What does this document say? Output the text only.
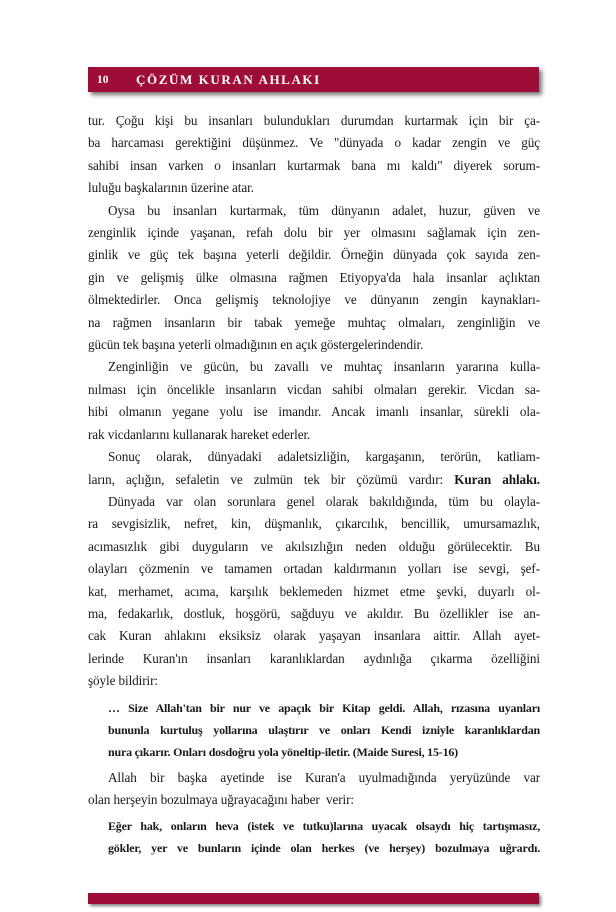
10	ÇÖZÜM KURAN AHLAKI
tur. Çoğu kişi bu insanları bulundukları durumdan kurtarmak için bir ça-
ba harcaması gerektiğini düşünmez. Ve "dünyada o kadar zengin ve güç
sahibi insan varken o insanları kurtarmak bana mı kaldı" diyerek sorum-
luluğu başkalarının üzerine atar.
Oysa bu insanları kurtarmak, tüm dünyanın adalet, huzur, güven ve
zenginlik içinde yaşanan, refah dolu bir yer olmasını sağlamak için zen-
ginlik ve güç tek başına yeterli değildir. Örneğin dünyada çok sayıda zen-
gin ve gelişmiş ülke olmasına rağmen Etiyopya'da hala insanlar açlıktan
ölmektedirler. Onca gelişmiş teknolojiye ve dünyanın zengin kaynakları-
na rağmen insanların bir tabak yemeğe muhtaç olmaları, zenginliğin ve
gücün tek başına yeterli olmadığının en açık göstergelerindendir.
Zenginliğin ve gücün, bu zavallı ve muhtaç insanların yararına kulla-
nılması için öncelikle insanların vicdan sahibi olmaları gerekir. Vicdan sa-
hibi olmanın yegane yolu ise imandır. Ancak imanlı insanlar, sürekli ola-
rak vicdanlarını kullanarak hareket ederler.
Sonuç olarak, dünyadaki adaletsizliğin, kargaşanın, terörün, katliam-
ların, açlığın, sefaletin ve zulmün tek bir çözümü vardır: Kuran ahlakı.
Dünyada var olan sorunlara genel olarak bakıldığında, tüm bu olayla-
ra sevgisizlik, nefret, kin, düşmanlık, çıkarcılık, bencillik, umursamazlık,
acımasızlık gibi duyguların ve akılsızlığın neden olduğu görülecektir. Bu
olayları çözmenin ve tamamen ortadan kaldırmanın yolları ise sevgi, şef-
kat, merhamet, acıma, karşılık beklemeden hizmet etme şevki, duyarlı ol-
ma, fedakarlık, dostluk, hoşgörü, sağduyu ve akıldır. Bu özellikler ise an-
cak Kuran ahlakını eksiksiz olarak yaşayan insanlara aittir. Allah ayet-
lerinde Kuran'ın insanları karanlıklardan aydınlığa çıkarma özelliğini
şöyle bildirir:
… Size Allah'tan bir nur ve apaçık bir Kitap geldi. Allah, rızasına uyanları
bununla kurtuluş yollarına ulaştırır ve onları Kendi izniyle karanlıklardan
nura çıkarır. Onları dosdoğru yola yöneltip-iletir. (Maide Suresi, 15-16)
Allah bir başka ayetinde ise Kuran'a uyulmadığında yeryüzünde var
olan herşeyin bozulmaya uğrayacağını haber  verir:
Eğer hak, onların heva (istek ve tutku)larına uyacak olsaydı hiç tartışmasız,
gökler, yer ve bunların içinde olan herkes (ve herşey) bozulmaya uğrardı.
